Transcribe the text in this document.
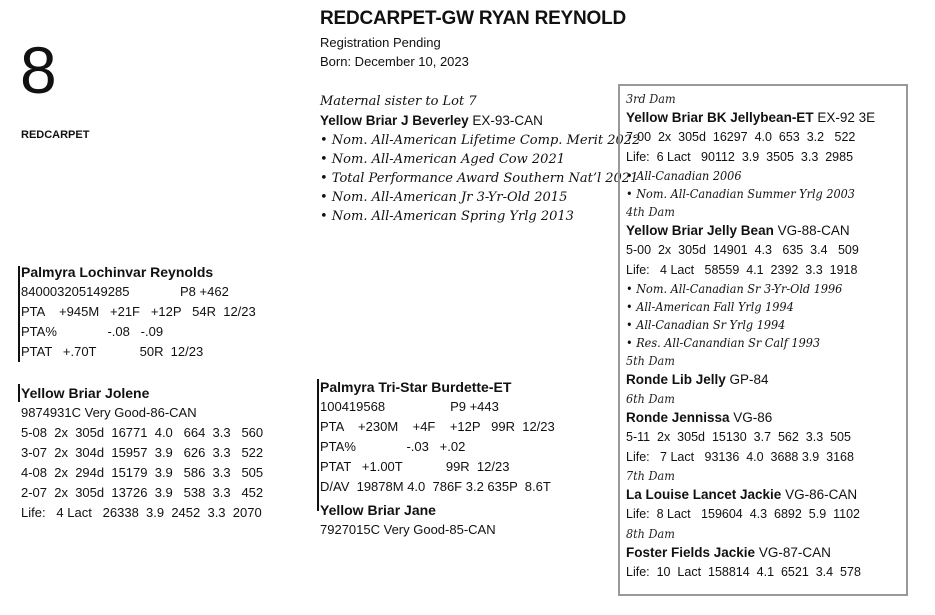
8
REDCARPET
REDCARPET-GW RYAN REYNOLD
Registration Pending
Born: December 10, 2023
Maternal sister to Lot 7
Yellow Briar J Beverley EX-93-CAN
• Nom. All-American Lifetime Comp. Merit 2022
• Nom. All-American Aged Cow 2021
• Total Performance Award Southern Nat’l 2021
• Nom. All-American Jr 3-Yr-Old 2015
• Nom. All-American Spring Yrlg 2013
Palmyra Lochinvar Reynolds
840003205149285              P8 +462
PTA    +945M   +21F   +12P   54R  12/23
PTA%              -.08   -.09
PTAT   +.70T            50R  12/23
Yellow Briar Jolene
9874931C Very Good-86-CAN
5-08  2x  305d  16771  4.0   664  3.3   560
3-07  2x  304d  15957  3.9   626  3.3   522
4-08  2x  294d  15179  3.9   586  3.3   505
2-07  2x  305d  13726  3.9   538  3.3   452
Life:   4 Lact   26338  3.9  2452  3.3  2070
Palmyra Tri-Star Burdette-ET
100419568                  P9 +443
PTA    +230M    +4F    +12P   99R  12/23
PTA%              -.03   +.02
PTAT   +1.00T            99R  12/23
D/AV  19878M 4.0  786F 3.2 635P  8.6T
Yellow Briar Jane
7927015C Very Good-85-CAN
3rd Dam
Yellow Briar BK Jellybean-ET EX-92 3E
7-00  2x  305d  16297  4.0  653  3.2   522
Life:  6 Lact   90112  3.9  3505  3.3  2985
• All-Canadian 2006
• Nom. All-Canadian Summer Yrlg 2003
4th Dam
Yellow Briar Jelly Bean VG-88-CAN
5-00  2x  305d  14901  4.3   635  3.4   509
Life:   4 Lact   58559  4.1  2392  3.3  1918
• Nom. All-Canadian Sr 3-Yr-Old 1996
• All-American Fall Yrlg 1994
• All-Canadian Sr Yrlg 1994
• Res. All-Canandian Sr Calf 1993
5th Dam
Ronde Lib Jelly GP-84
6th Dam
Ronde Jennissa VG-86
5-11  2x  305d  15130  3.7  562  3.3  505
Life:   7 Lact   93136  4.0  3688 3.9  3168
7th Dam
La Louise Lancet Jackie VG-86-CAN
Life:  8 Lact   159604  4.3  6892  5.9  1102
8th Dam
Foster Fields Jackie VG-87-CAN
Life:  10  Lact  158814  4.1  6521  3.4  578
